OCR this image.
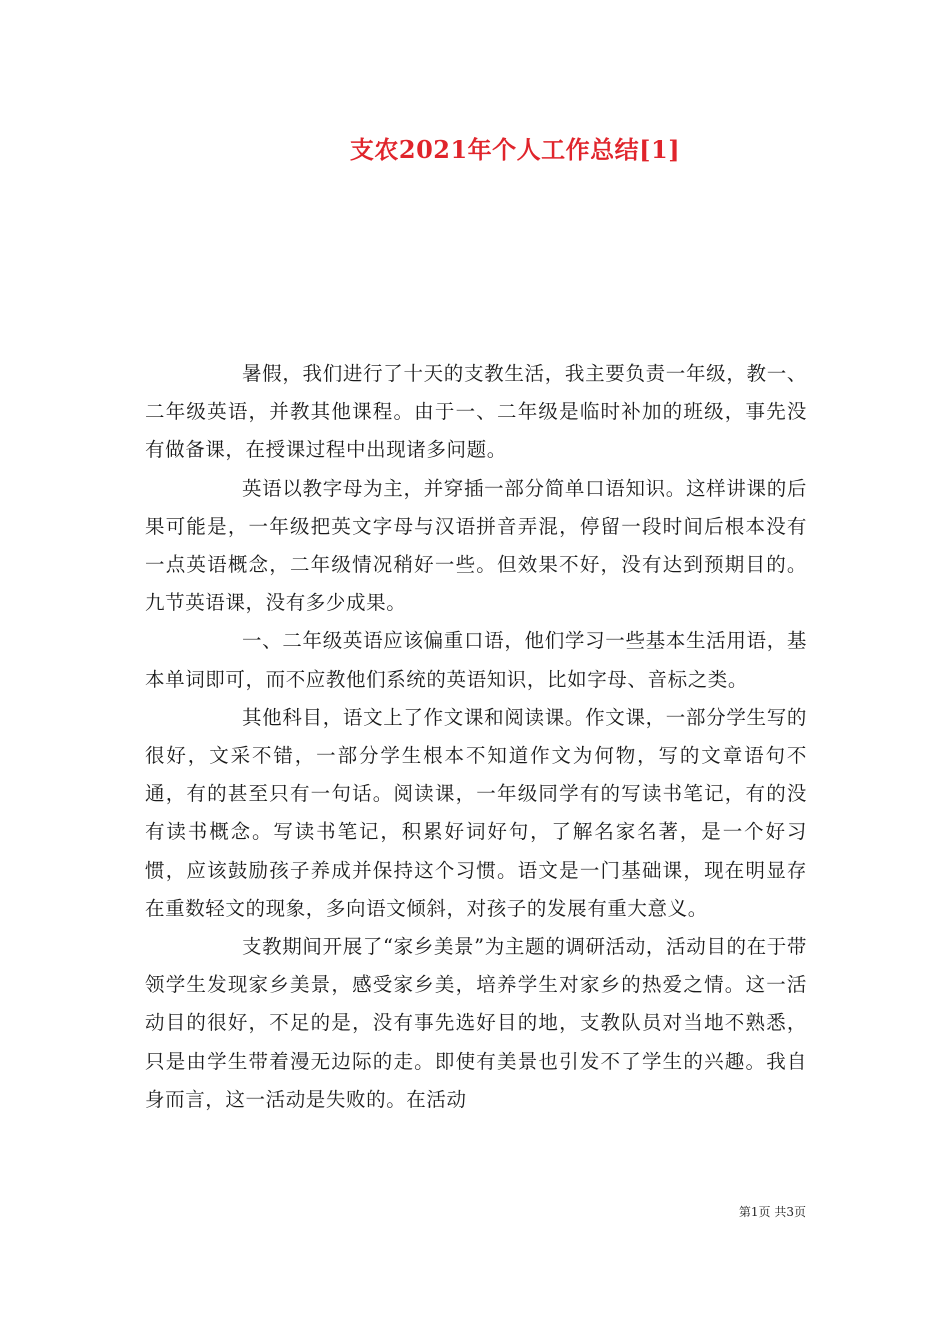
支农2021年个人工作总结[1]

暑假，我们进行了十天的支教生活，我主要负责一年级，教一、二年级英语，并教其他课程。由于一、二年级是临时补加的班级，事先没有做备课，在授课过程中出现诸多问题。

英语以教字母为主，并穿插一部分简单口语知识。这样讲课的后果可能是，一年级把英文字母与汉语拼音弄混，停留一段时间后根本没有一点英语概念，二年级情况稍好一些。但效果不好，没有达到预期目的。九节英语课，没有多少成果。

一、二年级英语应该偏重口语，他们学习一些基本生活用语，基本单词即可，而不应教他们系统的英语知识，比如字母、音标之类。

其他科目，语文上了作文课和阅读课。作文课，一部分学生写的很好，文采不错，一部分学生根本不知道作文为何物，写的文章语句不通，有的甚至只有一句话。阅读课，一年级同学有的写读书笔记，有的没有读书概念。写读书笔记，积累好词好句，了解名家名著，是一个好习惯，应该鼓励孩子养成并保持这个习惯。语文是一门基础课，现在明显存在重数轻文的现象，多向语文倾斜，对孩子的发展有重大意义。

支教期间开展了“家乡美景”为主题的调研活动，活动目的在于带领学生发现家乡美景，感受家乡美，培养学生对家乡的热爱之情。这一活动目的很好，不足的是，没有事先选好目的地，支教队员对当地不熟悉，只是由学生带着漫无边际的走。即使有美景也引发不了学生的兴趣。我自身而言，这一活动是失败的。在活动

第1页 共3页
